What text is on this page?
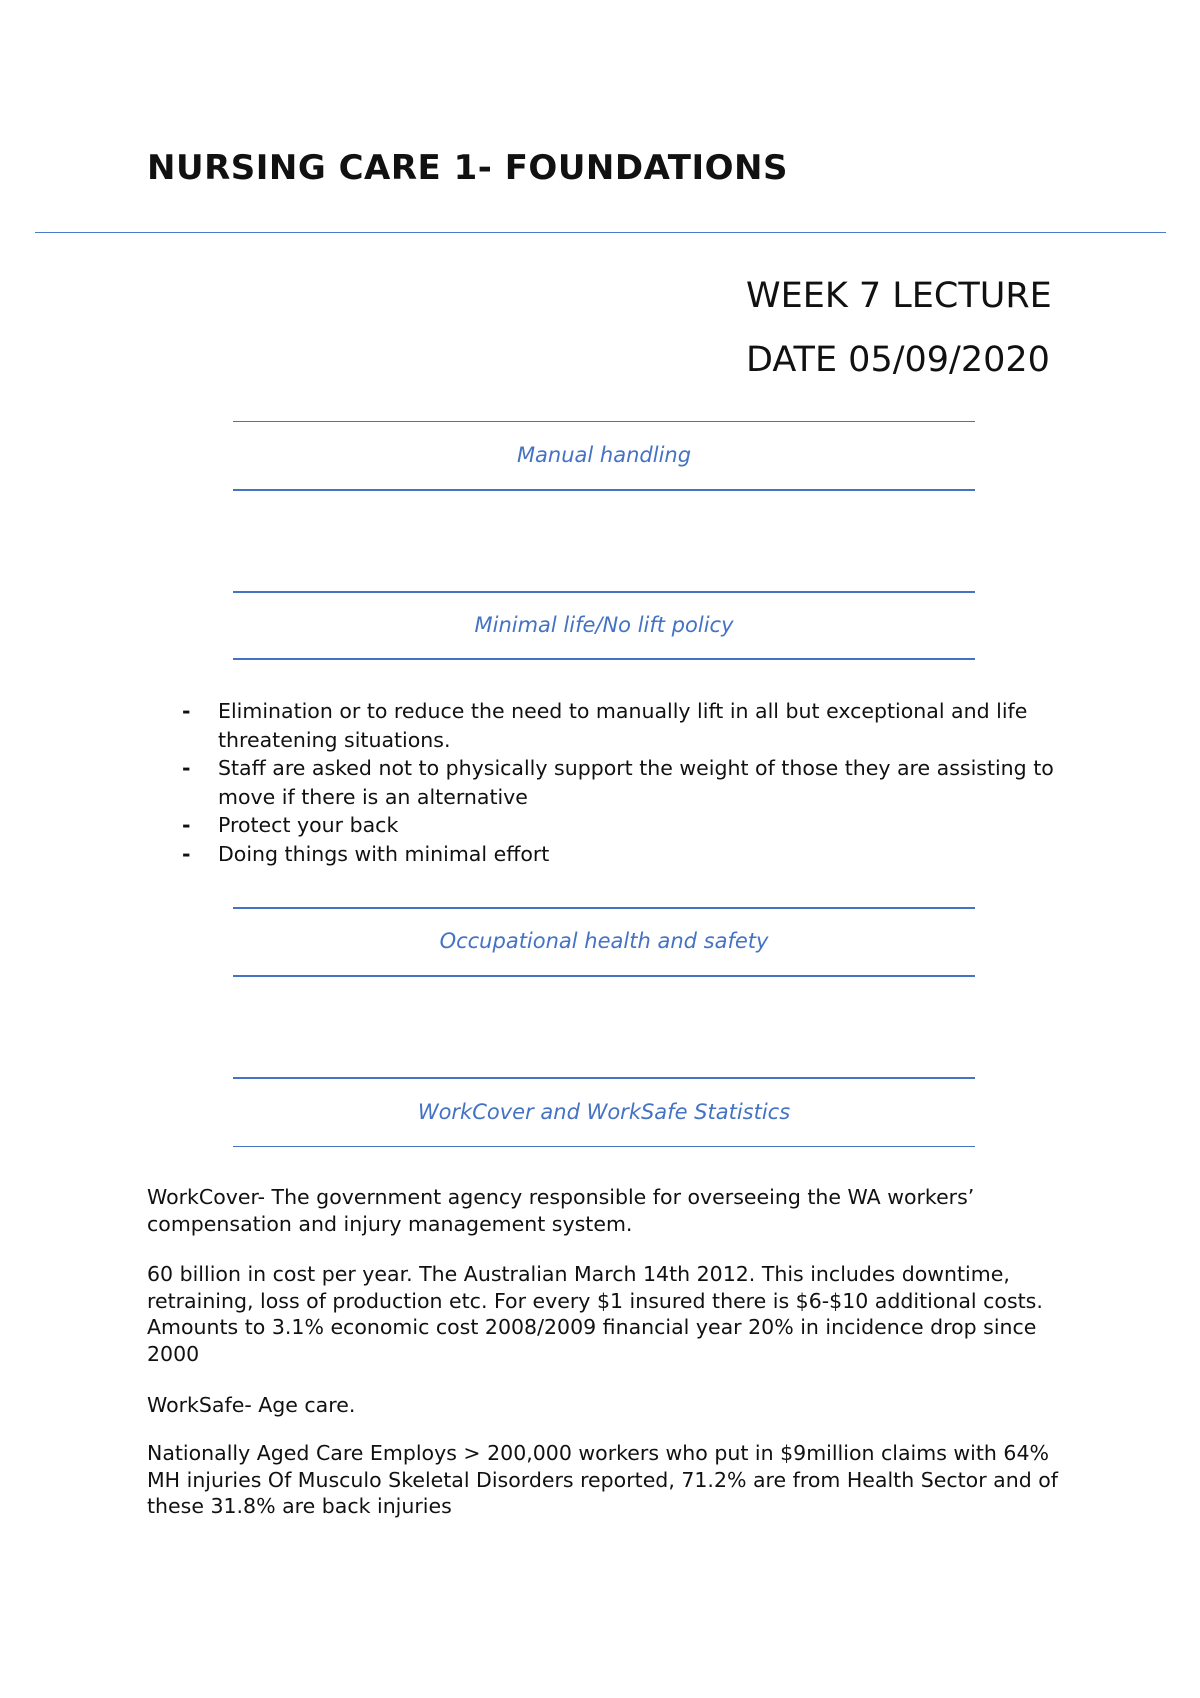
NURSING CARE 1- FOUNDATIONS

WEEK 7 LECTURE

DATE 05/09/2020

Manual handling

Minimal life/No lift policy

- Elimination or to reduce the need to manually lift in all but exceptional and life threatening situations.
- Staff are asked not to physically support the weight of those they are assisting to move if there is an alternative
- Protect your back
- Doing things with minimal effort

Occupational health and safety

WorkCover and WorkSafe Statistics

WorkCover- The government agency responsible for overseeing the WA workers’ compensation and injury management system.

60 billion in cost per year. The Australian March 14th 2012. This includes downtime, retraining, loss of production etc. For every $1 insured there is $6-$10 additional costs. Amounts to 3.1% economic cost 2008/2009 financial year 20% in incidence drop since 2000

WorkSafe- Age care.

Nationally Aged Care Employs > 200,000 workers who put in $9million claims with 64% MH injuries Of Musculo Skeletal Disorders reported, 71.2% are from Health Sector and of these 31.8% are back injuries
